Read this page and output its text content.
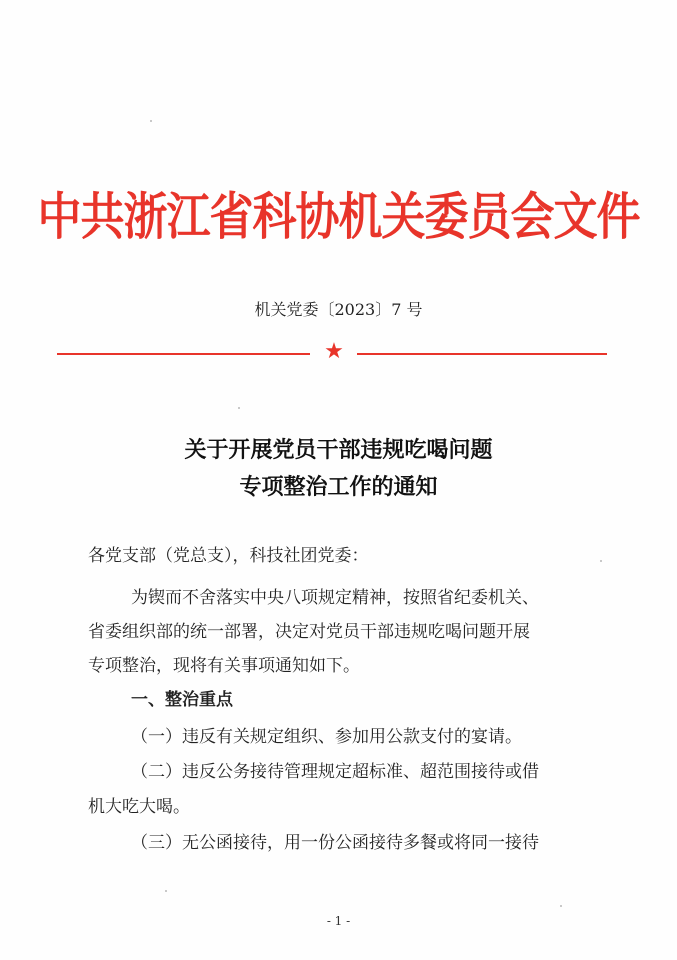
中共浙江省科协机关委员会文件
机关党委〔2023〕7 号
★
关于开展党员干部违规吃喝问题
专项整治工作的通知

各党支部（党总支），科技社团党委：

为锲而不舍落实中央八项规定精神，按照省纪委机关、

省委组织部的统一部署，决定对党员干部违规吃喝问题开展

专项整治，现将有关事项通知如下。

一、整治重点

（一）违反有关规定组织、参加用公款支付的宴请。

（二）违反公务接待管理规定超标准、超范围接待或借

机大吃大喝。

（三）无公函接待，用一份公函接待多餐或将同一接待

- 1 -
